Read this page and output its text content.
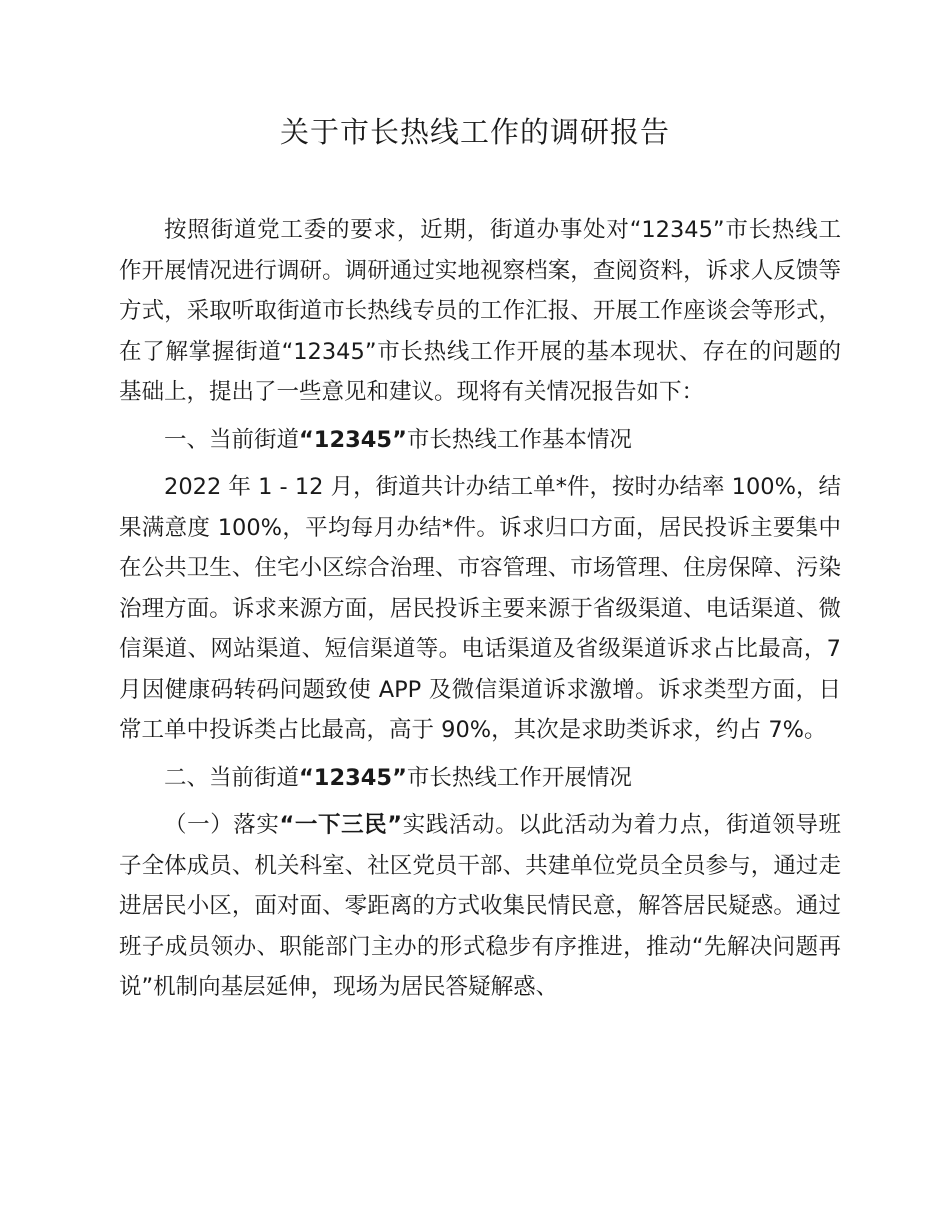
关于市长热线工作的调研报告

按照街道党工委的要求，近期，街道办事处对“12345”市长热线工作开展情况进行调研。调研通过实地视察档案，查阅资料，诉求人反馈等方式，采取听取街道市长热线专员的工作汇报、开展工作座谈会等形式，在了解掌握街道“12345”市长热线工作开展的基本现状、存在的问题的基础上，提出了一些意见和建议。现将有关情况报告如下：

一、当前街道“12345”市长热线工作基本情况

2022 年 1 - 12 月，街道共计办结工单*件，按时办结率 100%，结果满意度 100%，平均每月办结*件。诉求归口方面，居民投诉主要集中在公共卫生、住宅小区综合治理、市容管理、市场管理、住房保障、污染治理方面。诉求来源方面，居民投诉主要来源于省级渠道、电话渠道、微信渠道、网站渠道、短信渠道等。电话渠道及省级渠道诉求占比最高，7 月因健康码转码问题致使 APP 及微信渠道诉求激增。诉求类型方面，日常工单中投诉类占比最高，高于 90%，其次是求助类诉求，约占 7%。

二、当前街道“12345”市长热线工作开展情况

（一）落实“一下三民”实践活动。以此活动为着力点，街道领导班子全体成员、机关科室、社区党员干部、共建单位党员全员参与，通过走进居民小区，面对面、零距离的方式收集民情民意，解答居民疑惑。通过班子成员领办、职能部门主办的形式稳步有序推进，推动“先解决问题再说”机制向基层延伸，现场为居民答疑解惑、
